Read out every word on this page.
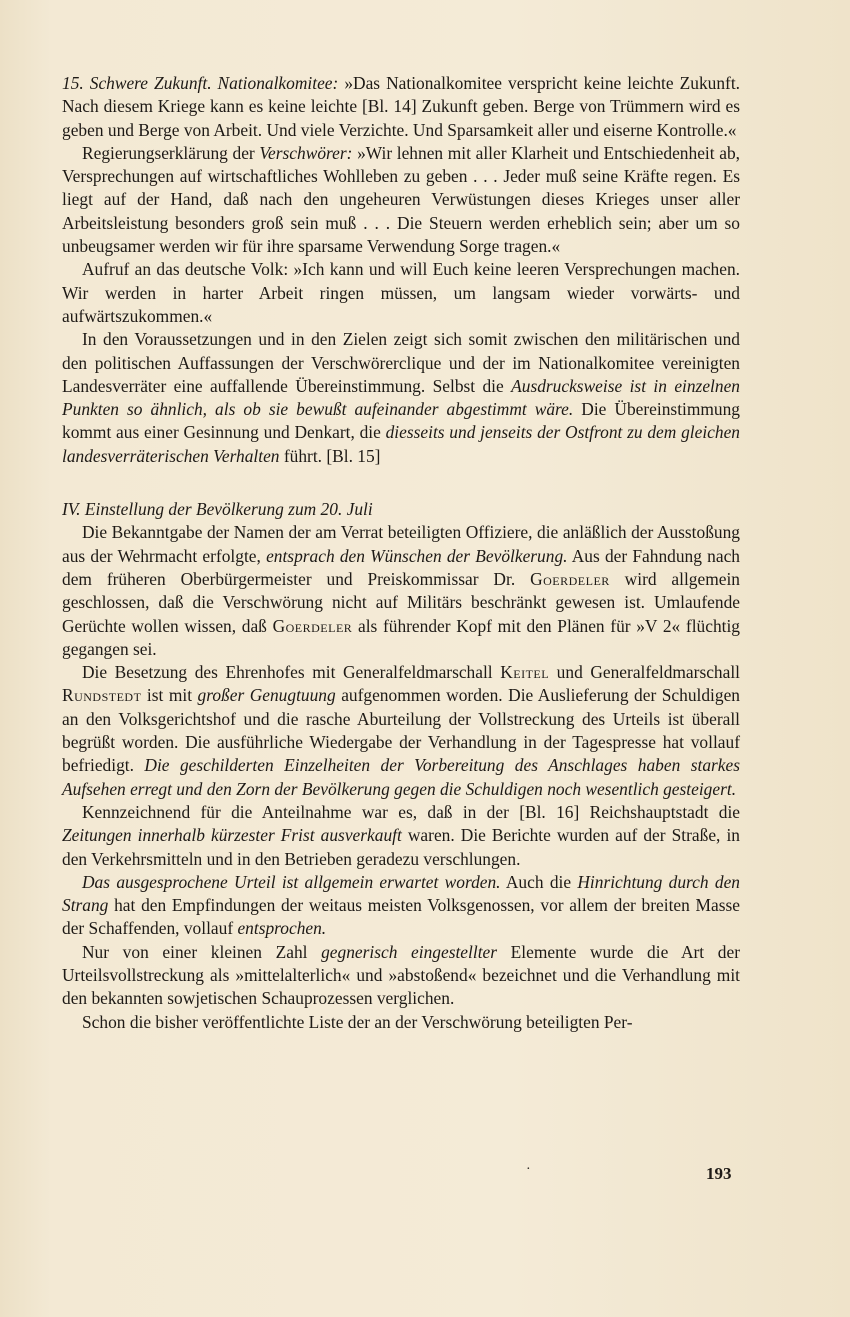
15. Schwere Zukunft. Nationalkomitee: »Das Nationalkomitee verspricht keine leichte Zukunft. Nach diesem Kriege kann es keine leichte [Bl. 14] Zukunft geben. Berge von Trümmern wird es geben und Berge von Arbeit. Und viele Verzichte. Und Sparsamkeit aller und eiserne Kontrolle.«

Regierungserklärung der Verschwörer: »Wir lehnen mit aller Klarheit und Entschiedenheit ab, Versprechungen auf wirtschaftliches Wohlleben zu geben . . . Jeder muß seine Kräfte regen. Es liegt auf der Hand, daß nach den ungeheuren Verwüstungen dieses Krieges unser aller Arbeitsleistung besonders groß sein muß . . . Die Steuern werden erheblich sein; aber um so unbeugsamer werden wir für ihre sparsame Verwendung Sorge tragen.«

Aufruf an das deutsche Volk: »Ich kann und will Euch keine leeren Versprechungen machen. Wir werden in harter Arbeit ringen müssen, um langsam wieder vorwärts- und aufwärtszukommen.«

In den Voraussetzungen und in den Zielen zeigt sich somit zwischen den militärischen und den politischen Auffassungen der Verschwörerclique und der im Nationalkomitee vereinigten Landesverräter eine auffallende Übereinstimmung. Selbst die Ausdrucksweise ist in einzelnen Punkten so ähnlich, als ob sie bewußt aufeinander abgestimmt wäre. Die Übereinstimmung kommt aus einer Gesinnung und Denkart, die diesseits und jenseits der Ostfront zu dem gleichen landesverräterischen Verhalten führt. [Bl. 15]

IV. Einstellung der Bevölkerung zum 20. Juli

Die Bekanntgabe der Namen der am Verrat beteiligten Offiziere, die anläßlich der Ausstoßung aus der Wehrmacht erfolgte, entsprach den Wünschen der Bevölkerung. Aus der Fahndung nach dem früheren Oberbürgermeister und Preiskommissar Dr. Goerdeler wird allgemein geschlossen, daß die Verschwörung nicht auf Militärs beschränkt gewesen ist. Umlaufende Gerüchte wollen wissen, daß Goerdeler als führender Kopf mit den Plänen für »V 2« flüchtig gegangen sei.

Die Besetzung des Ehrenhofes mit Generalfeldmarschall Keitel und Generalfeldmarschall Rundstedt ist mit großer Genugtuung aufgenommen worden. Die Auslieferung der Schuldigen an den Volksgerichtshof und die rasche Aburteilung der Vollstreckung des Urteils ist überall begrüßt worden. Die ausführliche Wiedergabe der Verhandlung in der Tagespresse hat vollauf befriedigt. Die geschilderten Einzelheiten der Vorbereitung des Anschlages haben starkes Aufsehen erregt und den Zorn der Bevölkerung gegen die Schuldigen noch wesentlich gesteigert.

Kennzeichnend für die Anteilnahme war es, daß in der [Bl. 16] Reichshauptstadt die Zeitungen innerhalb kürzester Frist ausverkauft waren. Die Berichte wurden auf der Straße, in den Verkehrsmitteln und in den Betrieben geradezu verschlungen.

Das ausgesprochene Urteil ist allgemein erwartet worden. Auch die Hinrichtung durch den Strang hat den Empfindungen der weitaus meisten Volksgenossen, vor allem der breiten Masse der Schaffenden, vollauf entsprochen.

Nur von einer kleinen Zahl gegnerisch eingestellter Elemente wurde die Art der Urteilsvollstreckung als »mittelalterlich« und »abstoßend« bezeichnet und die Verhandlung mit den bekannten sowjetischen Schauprozessen verglichen.

Schon die bisher veröffentlichte Liste der an der Verschwörung beteiligten Per-

·	193
